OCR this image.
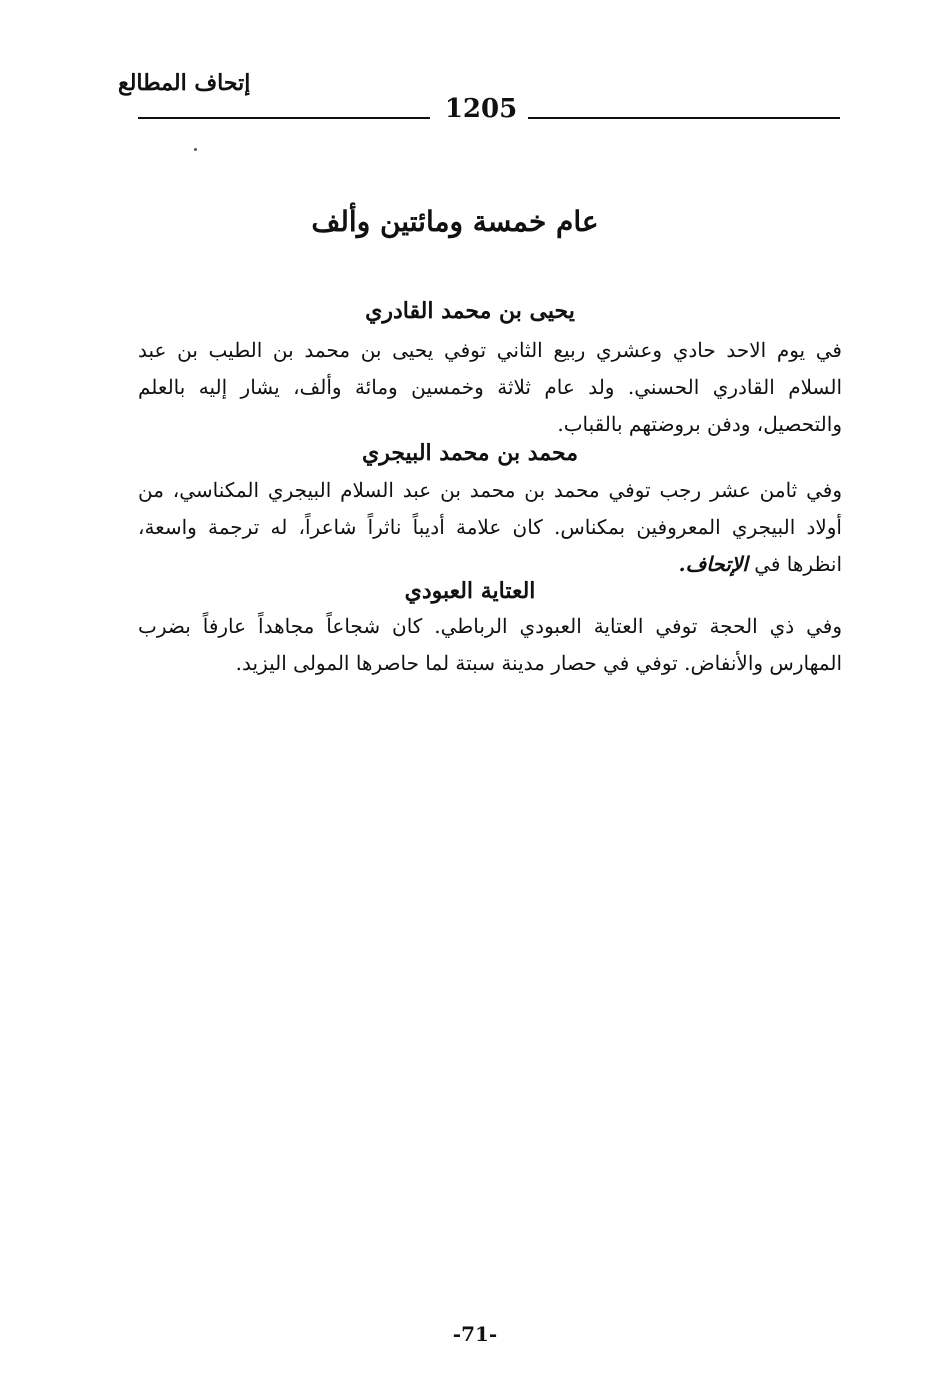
إتحاف المطالع
1205
عام خمسة ومائتين وألف
يحيى بن محمد القادري
في يوم الاحد حادي وعشري ربيع الثاني توفي يحيى بن محمد بن الطيب بن عبد السلام القادري الحسني. ولد عام ثلاثة وخمسين ومائة وألف، يشار إليه بالعلم والتحصيل، ودفن بروضتهم بالقباب.
محمد بن محمد البيجري
وفي ثامن عشر رجب توفي محمد بن محمد بن عبد السلام البيجري المكناسي، من أولاد البيجري المعروفين بمكناس. كان علامة أديباً ناثراً شاعراً، له ترجمة واسعة، انظرها في الإتحاف.
العتاية العبودي
وفي ذي الحجة توفي العتاية العبودي الرباطي. كان شجاعاً مجاهداً عارفاً بضرب المهارس والأنفاض. توفي في حصار مدينة سبتة لما حاصرها المولى اليزيد.
-71-
